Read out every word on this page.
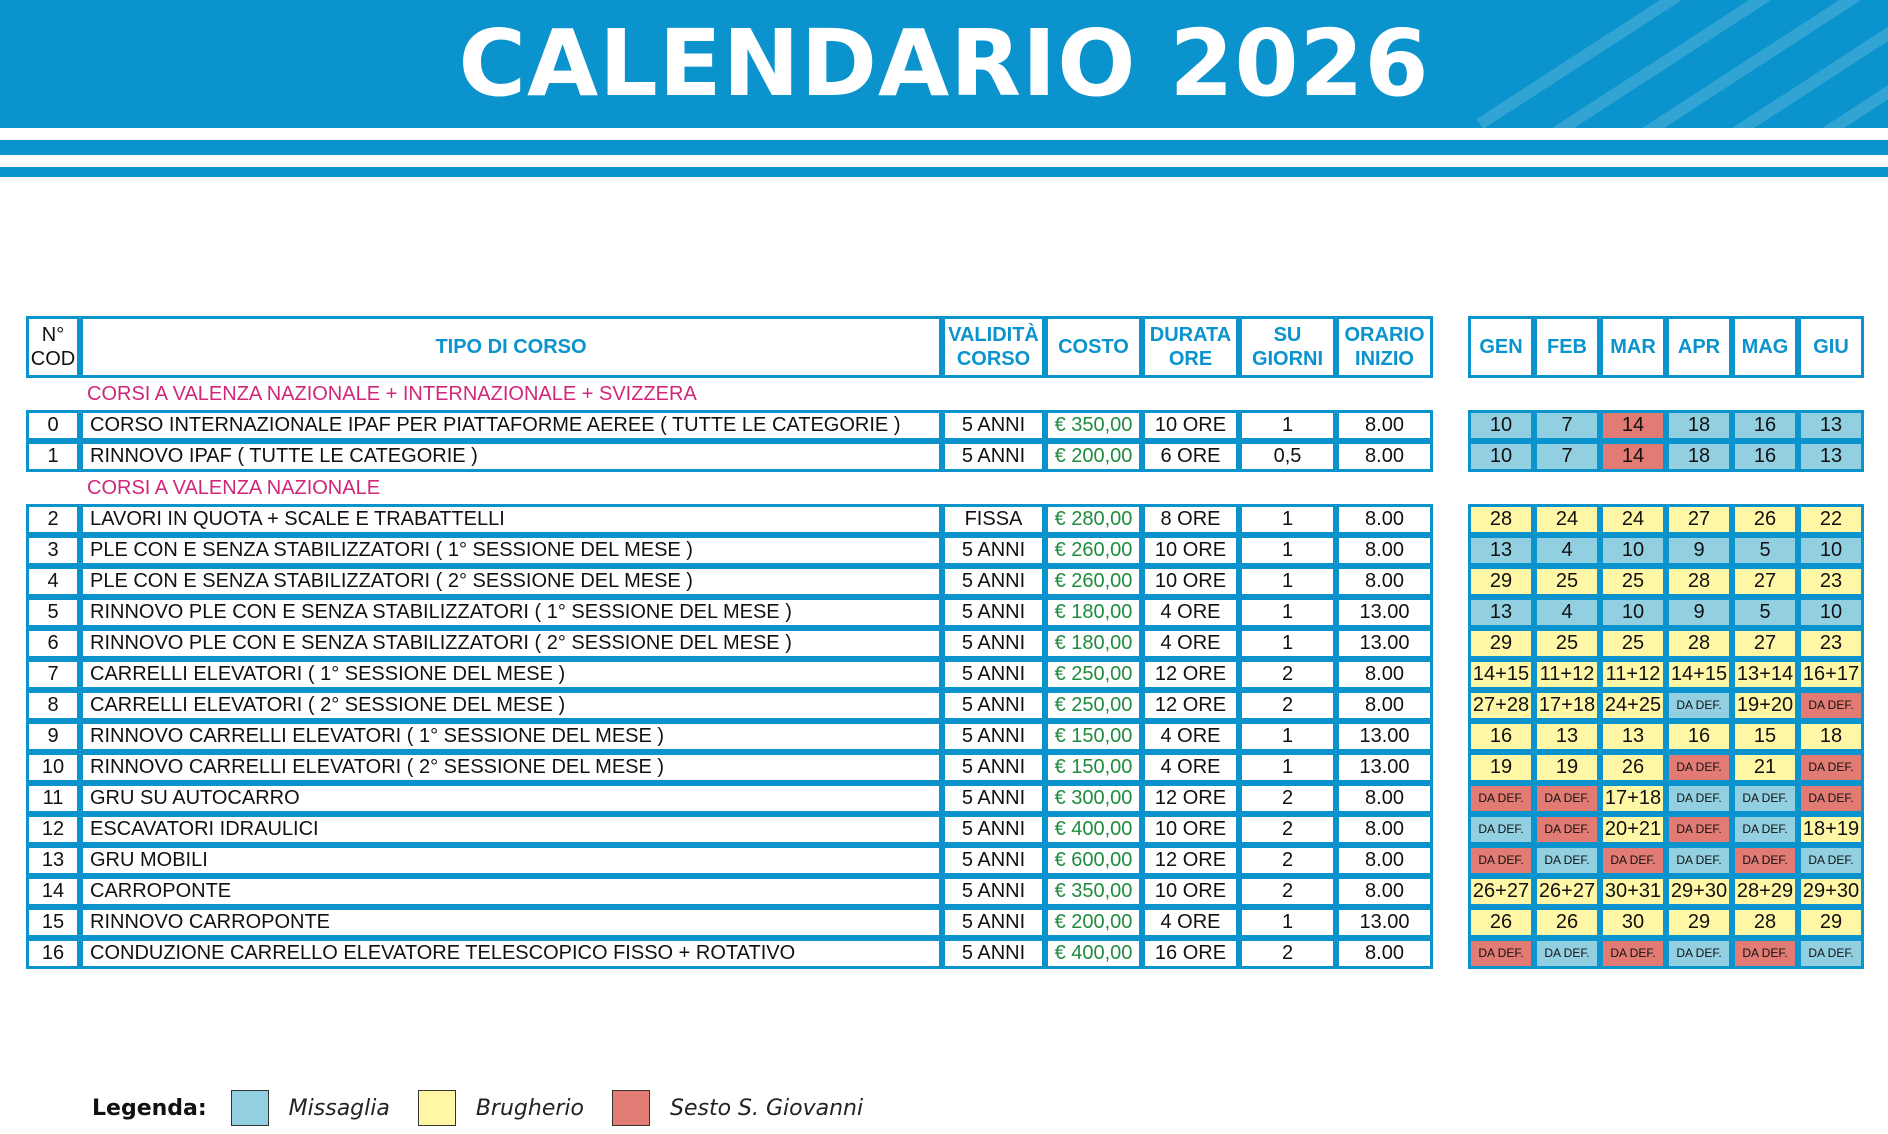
CALENDARIO 2026
N° COD	TIPO DI CORSO	VALIDITÀ CORSO	COSTO	DURATA ORE	SU GIORNI	ORARIO INIZIO
	CORSI A VALENZA NAZIONALE + INTERNAZIONALE + SVIZZERA					
0	CORSO INTERNAZIONALE IPAF PER PIATTAFORME AEREE ( TUTTE LE CATEGORIE )	5 ANNI	€ 350,00	10 ORE	1	8.00
1	RINNOVO IPAF ( TUTTE LE CATEGORIE )	5 ANNI	€ 200,00	6 ORE	0,5	8.00
	CORSI A VALENZA NAZIONALE					
2	LAVORI IN QUOTA + SCALE E TRABATTELLI	FISSA	€ 280,00	8 ORE	1	8.00
3	PLE CON E SENZA STABILIZZATORI ( 1° SESSIONE DEL MESE )	5 ANNI	€ 260,00	10 ORE	1	8.00
4	PLE CON E SENZA STABILIZZATORI ( 2° SESSIONE DEL MESE )	5 ANNI	€ 260,00	10 ORE	1	8.00
5	RINNOVO PLE CON E SENZA STABILIZZATORI ( 1° SESSIONE DEL MESE )	5 ANNI	€ 180,00	4 ORE	1	13.00
6	RINNOVO PLE CON E SENZA STABILIZZATORI ( 2° SESSIONE DEL MESE )	5 ANNI	€ 180,00	4 ORE	1	13.00
7	CARRELLI ELEVATORI ( 1° SESSIONE DEL MESE )	5 ANNI	€ 250,00	12 ORE	2	8.00
8	CARRELLI ELEVATORI ( 2° SESSIONE DEL MESE )	5 ANNI	€ 250,00	12 ORE	2	8.00
9	RINNOVO CARRELLI ELEVATORI ( 1° SESSIONE DEL MESE )	5 ANNI	€ 150,00	4 ORE	1	13.00
10	RINNOVO CARRELLI ELEVATORI ( 2° SESSIONE DEL MESE )	5 ANNI	€ 150,00	4 ORE	1	13.00
11	GRU SU AUTOCARRO	5 ANNI	€ 300,00	12 ORE	2	8.00
12	ESCAVATORI IDRAULICI	5 ANNI	€ 400,00	10 ORE	2	8.00
13	GRU MOBILI	5 ANNI	€ 600,00	12 ORE	2	8.00
14	CARROPONTE	5 ANNI	€ 350,00	10 ORE	2	8.00
15	RINNOVO CARROPONTE	5 ANNI	€ 200,00	4 ORE	1	13.00
16	CONDUZIONE CARRELLO ELEVATORE TELESCOPICO FISSO + ROTATIVO	5 ANNI	€ 400,00	16 ORE	2	8.00
GEN	FEB	MAR	APR	MAG	GIU

10	7	14	18	16	13
10	7	14	18	16	13

28	24	24	27	26	22
13	4	10	9	5	10
29	25	25	28	27	23
13	4	10	9	5	10
29	25	25	28	27	23
14+15	11+12	11+12	14+15	13+14	16+17
27+28	17+18	24+25	DA DEF.	19+20	DA DEF.
16	13	13	16	15	18
19	19	26	DA DEF.	21	DA DEF.
DA DEF.	DA DEF.	17+18	DA DEF.	DA DEF.	DA DEF.
DA DEF.	DA DEF.	20+21	DA DEF.	DA DEF.	18+19
DA DEF.	DA DEF.	DA DEF.	DA DEF.	DA DEF.	DA DEF.
26+27	26+27	30+31	29+30	28+29	29+30
26	26	30	29	28	29
DA DEF.	DA DEF.	DA DEF.	DA DEF.	DA DEF.	DA DEF.
Legenda:	Missaglia	Brugherio	Sesto S. Giovanni
